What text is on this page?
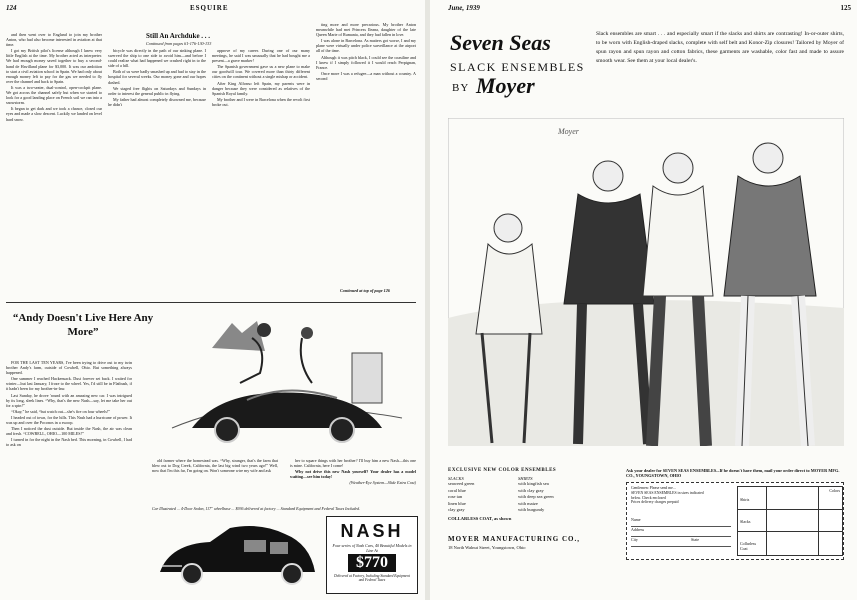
124	ESQUIRE
Still An Archduke . . .
Continued from pages 61-176-130-133

and then went over to England to join my brother Anton, who had also become interested in aviation at that time.

I got my British pilot's license although I knew very little English at the time. My brother acted as interpreter. We had enough money saved together to buy a second-hand de Havilland plane for $3,000. It was our ambition to start a civil aviation school in Spain. We had only about enough money left to pay for the gas we needed to fly over the channel and back to Spain.

It was a two-seater, dual-control, open-cockpit plane. We got across the channel safely but when we started to look for a good landing place on French soil we ran into a snowstorm.

It began to get dark and we took a chance, closed our eyes and made a slow descent. Luckily we landed on level hard snow.

bicycle was directly in the path of our sinking plane. I swerved the ship to one side to avoid him—and before I could realize what had happened we crashed right in to the side of a hill.

Both of us were badly smashed up and had to stay in the hospital for several weeks. Our money gone and our hopes dashed.

We staged free flights on Saturdays and Sundays in order to interest the general public in flying.

My father had almost completely disowned me, because he didn't

approve of my career. During one of our many meetings, he said I was unusually that he had bought me a present—a grave marker!

The Spanish government gave us a new plane to make our goodwill tour. We covered more than thirty different cities on the continent without a single mishap or accident.

After King Alfonso left Spain, my parents were in danger because they were considered as relatives of the Spanish Royal family.

My brother and I were in Barcelona when the revolt first broke out.

ting more and more precarious. My brother Anton meanwhile had met Princess Ileana, daughter of the late Queen Marie of Rumania, and they had fallen in love.

I was alone in Barcelona. As matters got worse, I and my plane were virtually under police surveillance at the airport all of the time.

Although it was pitch black, I could see the coastline and I knew if I simply followed it I would reach Perpignan, France.

Once more I was a refugee—a man without a country. A second

Continued at top of page 126
“Andy Doesn't Live Here Any More”

FOR THE LAST TEN YEARS, I've been trying to drive out to my twin brother Andy's farm, outside of Cowbell, Ohio. But something always happened.

One summer I reached Hackensack. Dust forever set back. I waited for winter—but last January, I froze to the wheel. Yes, I'd still be in Flatbush, if it hadn't been for my brother-in-law.

Last Sunday, he drove 'round with an amazing new car. I was intrigued by its long, sleek lines. “Why, that's the new Nash—say, let me take her out for a spin!”

“Okay,” he said, “but watch out—she's fire on four wheels!”

I headed out of town, for the hills. This Nash had a hurricane of power. It was up and over the Poconos in a swoop.

Then I noticed the dust outside. But inside the Nash, the air was clean and fresh. “COWBELL, OHIO—100 MILES!”

I turned in for the night in the Nash bed. This morning, in Cowbell, I had to ask on

old farmer where the homestead was. “Why, stranger, that's the farm that blew out to Dog Creek, California, the last big wind two years ago!” Well, now that I'm this far, I'm going on. Won't someone wire my wife and ask

her to square things with her brother? I'll buy him a new Nash—this one is mine. California, here I come!

Why not drive this new Nash yourself? Your dealer has a model waiting—see him today!

(Weather-Eye System—Slide Extra Cost)

Car Illustrated ... 4-Door Sedan, 117" wheelbase ... $936 delivered at factory ... Standard Equipment and Federal Taxes Included.
NASH
Four series of Nash Cars, 40 Beautiful Models in Line At
$770
Delivered at Factory, Including Standard Equipment and Federal Taxes
June, 1939	125
Seven Seas
SLACK ENSEMBLES
BY Moyer

Slack ensembles are smart . . . and especially smart if the slacks and shirts are contrasting! In-or-outer shirts, to be worn with English-draped slacks, complete with self belt and Konor-Zip closures! Tailored by Moyer of spun rayon and spun rayon and cotton fabrics, these garments are washable, color fast and made to assure smooth wear. See them at your local dealer's.

Moyer
EXCLUSIVE NEW COLOR ENSEMBLES
SLACKS	SHIRTS
seaweed green	with kingfish sea
coral blue	with clay gray
rose tan	with deep sea green
linen blue	with maize
clay gray	with burgundy
COLLARLESS COAT, as shown
MOYER MANUFACTURING CO.,
18 North Walnut Street, Youngstown, Ohio
Ask your dealer for SEVEN SEAS ENSEMBLES...If he doesn't have them, mail your order direct to MOYER MFG. CO., YOUNGSTOWN, OHIO
Gentlemen: Please send me...
SEVEN SEAS ENSEMBLES in sizes indicated
below. Check enclosed
Prices delivery charges prepaid
Name
Address
City	State
Colors
Shirts
Slacks
Collarless Coat
